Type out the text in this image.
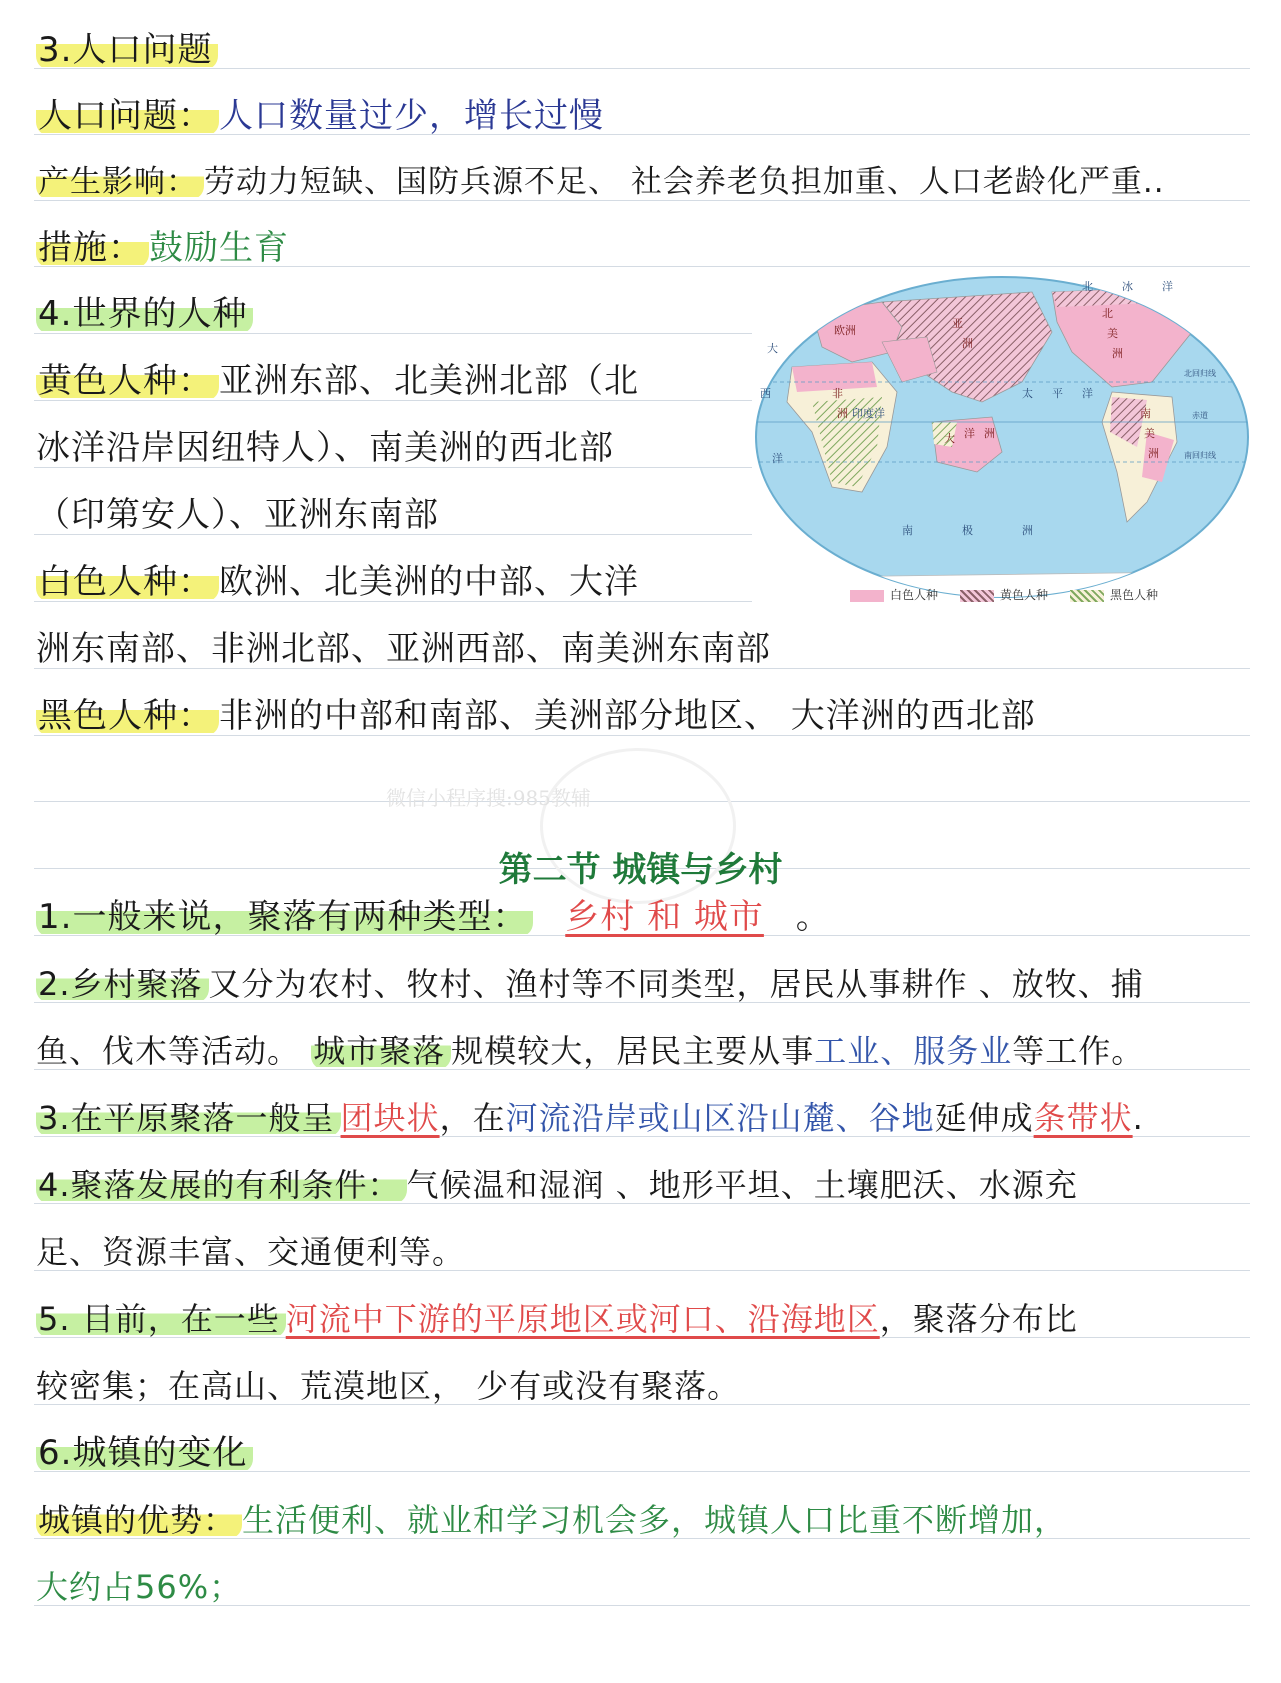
3.人口问题
人口问题： 人口数量过少，增长过慢
产生影响： 劳动力短缺、国防兵源不足、 社会养老负担加重、人口老龄化严重..
措施： 鼓励生育
4.世界的人种
黄色人种： 亚洲东部、北美洲北部（北
冰洋沿岸因纽特人）、南美洲的西北部
（印第安人）、亚洲东南部
白色人种： 欧洲、北美洲的中部、大洋
洲东南部、非洲北部、亚洲西部、南美洲东南部
黑色人种： 非洲的中部和南部、美洲部分地区、 大洋洲的西北部
北	冰	洋
欧洲
亚
洲
非
洲
北
美
洲
南
美
洲
大 洋 洲
太 平 洋
印度洋
大
西
洋
南	极	洲
北回归线
赤道
南回归线
白色人种	黄色人种	黑色人种
微信小程序搜:985教辅
第二节 城镇与乡村
1.一般来说，聚落有两种类型： 乡村 和 城市 。
2.乡村聚落 又分为农村、牧村、渔村等不同类型，居民从事耕作 、放牧、捕
鱼、伐木等活动。 城市聚落 规模较大，居民主要从事工业、服务业等工作。
3.在平原聚落一般呈 团块状，在河流沿岸或山区沿山麓、谷地延伸成条带状.
4.聚落发展的有利条件： 气候温和湿润 、地形平坦、土壤肥沃、水源充
足、资源丰富、交通便利等。
5. 目前，在一些 河流中下游的平原地区或河口、沿海地区，聚落分布比
较密集；在高山、荒漠地区， 少有或没有聚落。
6.城镇的变化
城镇的优势： 生活便利、就业和学习机会多，城镇人口比重不断增加，
大约占56%；
